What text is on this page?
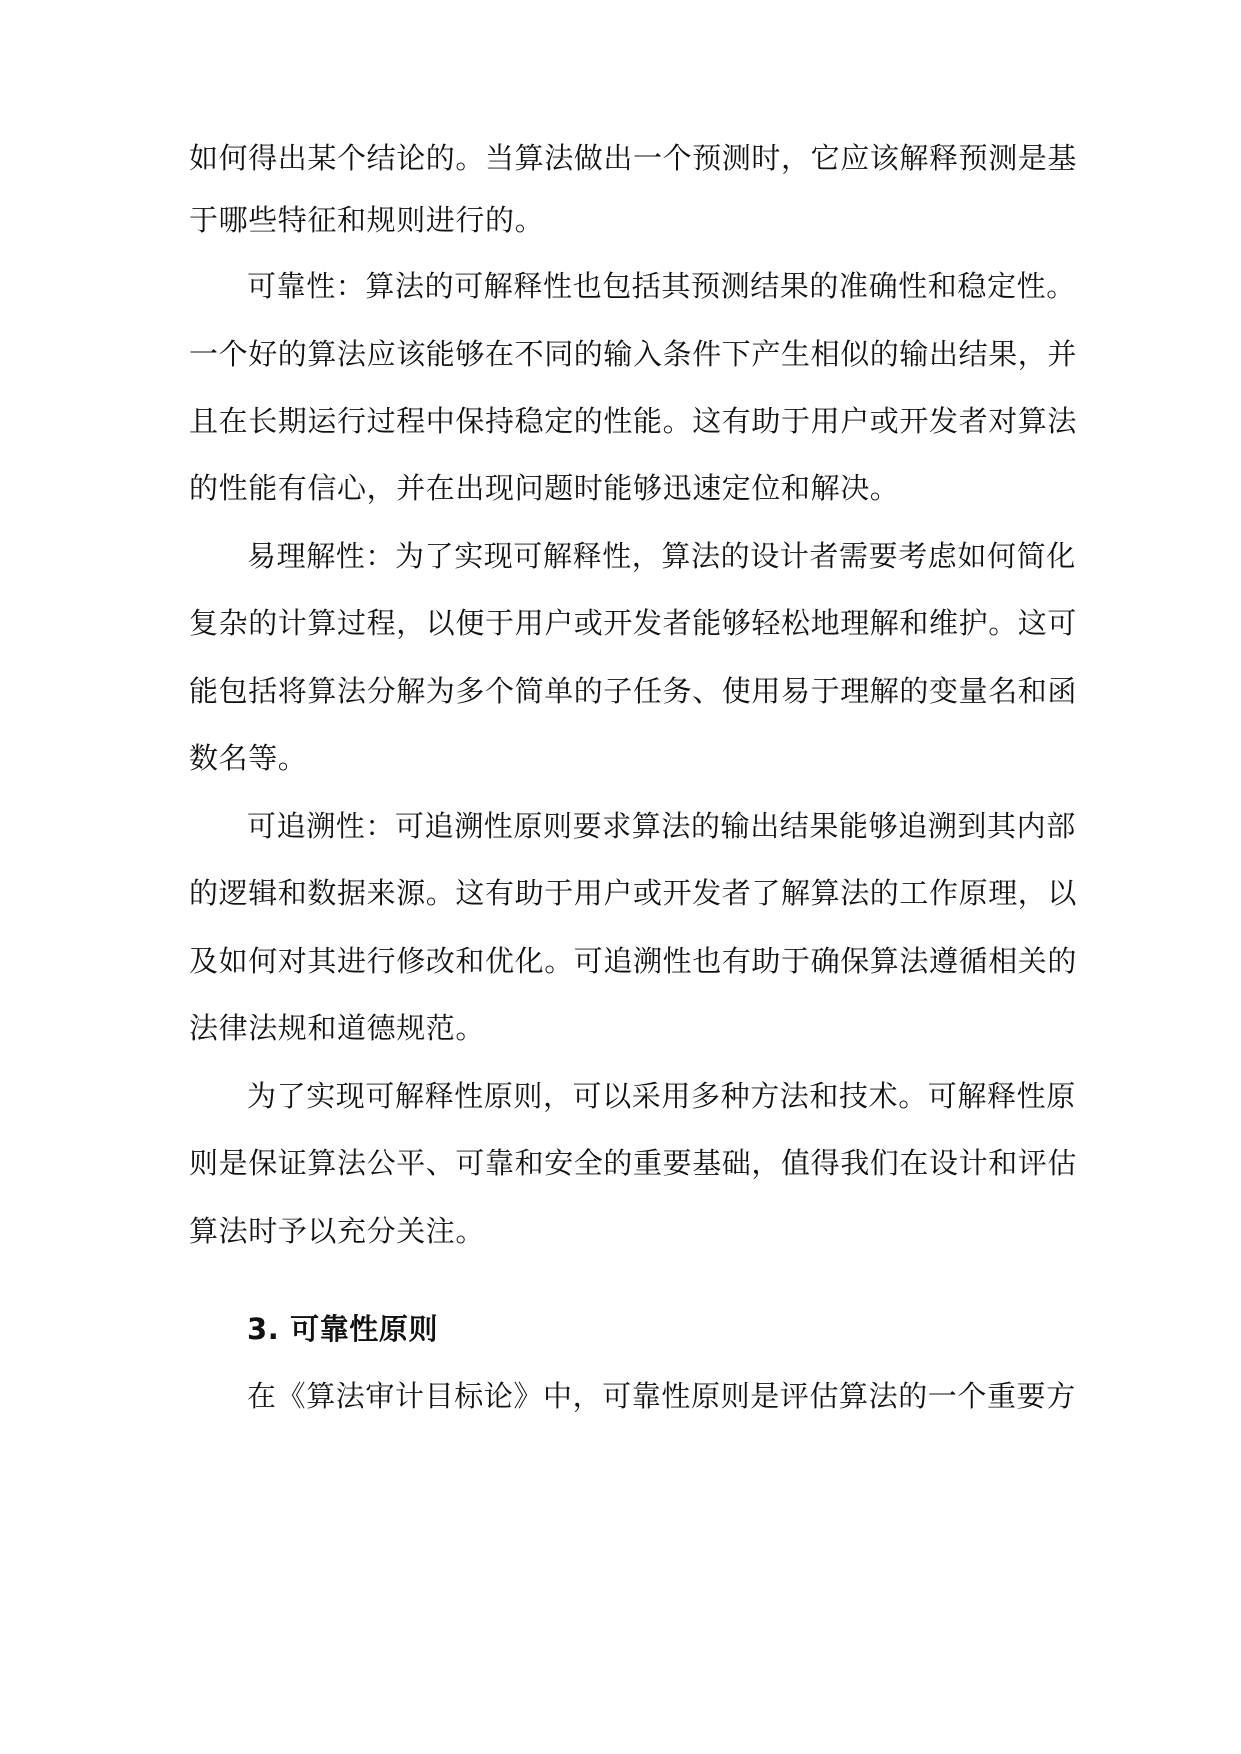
如何得出某个结论的。当算法做出一个预测时，它应该解释预测是基
于哪些特征和规则进行的。
可靠性：算法的可解释性也包括其预测结果的准确性和稳定性。
一个好的算法应该能够在不同的输入条件下产生相似的输出结果，并
且在长期运行过程中保持稳定的性能。这有助于用户或开发者对算法
的性能有信心，并在出现问题时能够迅速定位和解决。
易理解性：为了实现可解释性，算法的设计者需要考虑如何简化
复杂的计算过程，以便于用户或开发者能够轻松地理解和维护。这可
能包括将算法分解为多个简单的子任务、使用易于理解的变量名和函
数名等。
可追溯性：可追溯性原则要求算法的输出结果能够追溯到其内部
的逻辑和数据来源。这有助于用户或开发者了解算法的工作原理，以
及如何对其进行修改和优化。可追溯性也有助于确保算法遵循相关的
法律法规和道德规范。
为了实现可解释性原则，可以采用多种方法和技术。可解释性原
则是保证算法公平、可靠和安全的重要基础，值得我们在设计和评估
算法时予以充分关注。
3. 可靠性原则
在《算法审计目标论》中，可靠性原则是评估算法的一个重要方
